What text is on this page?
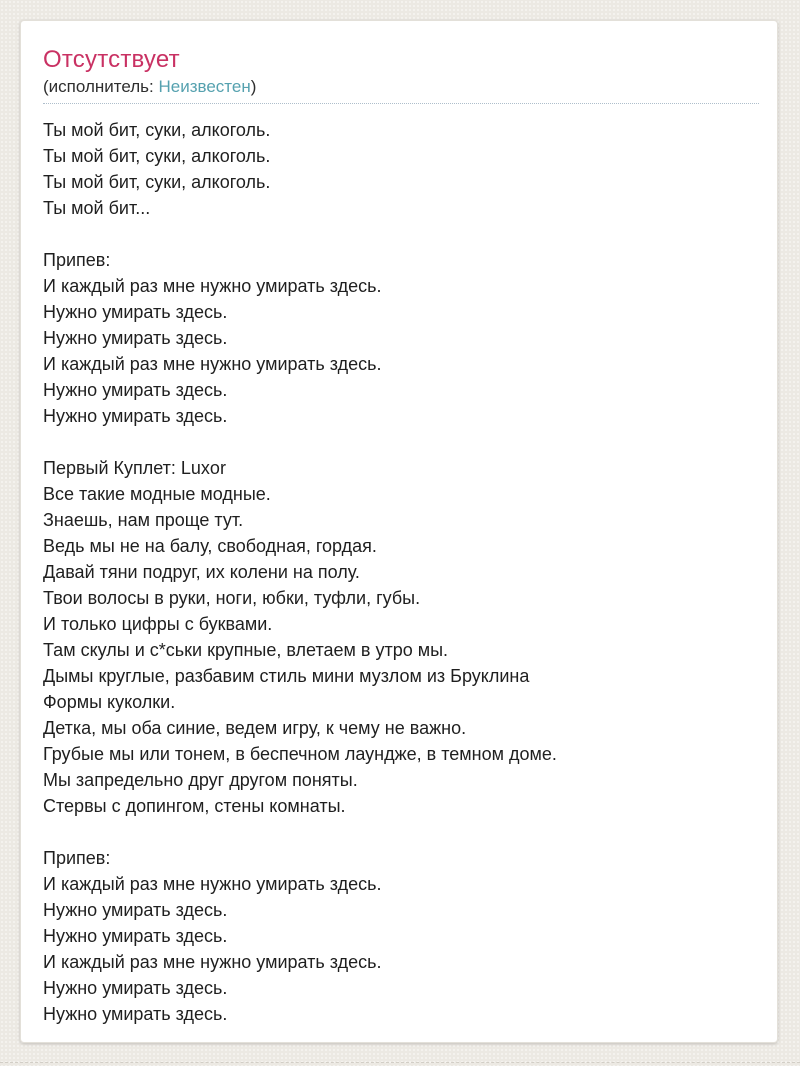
Отсутствует
(исполнитель: Неизвестен)
Ты мой бит, суки, алкоголь.
Ты мой бит, суки, алкоголь.
Ты мой бит, суки, алкоголь.
Ты мой бит...

Припев:
И каждый раз мне нужно умирать здесь.
Нужно умирать здесь.
Нужно умирать здесь.
И каждый раз мне нужно умирать здесь.
Нужно умирать здесь.
Нужно умирать здесь.

Первый Куплет: Luxor
Все такие модные модные.
Знаешь, нам проще тут.
Ведь мы не на балу, свободная, гордая.
Давай тяни подруг, их колени на полу.
Твои волосы в руки, ноги, юбки, туфли, губы.
И только цифры с буквами.
Там скулы и с*ськи крупные, влетаем в утро мы.
Дымы круглые, разбавим стиль мини музлом из Бруклина
Формы куколки.
Детка, мы оба синие, ведем игру, к чему не важно.
Грубые мы или тонем, в беспечном лаундже, в темном доме.
Мы запредельно друг другом поняты.
Стервы с допингом, стены комнаты.

Припев:
И каждый раз мне нужно умирать здесь.
Нужно умирать здесь.
Нужно умирать здесь.
И каждый раз мне нужно умирать здесь.
Нужно умирать здесь.
Нужно умирать здесь.
